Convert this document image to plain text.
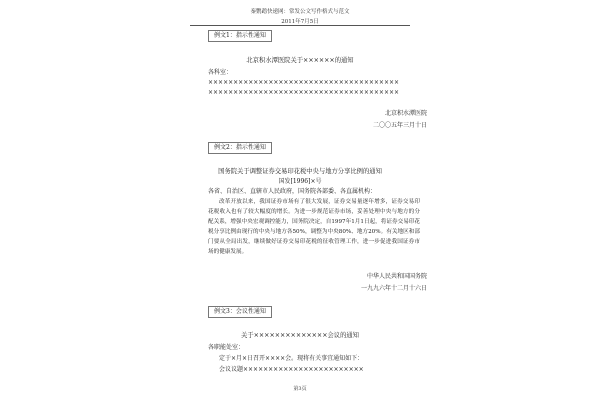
秦鹦鹉快递网：常发公文写作格式与范文
2011年7月5日
例文1：指示性通知
北京积水潭医院关于××××××的通知
各科室：
××××××××××××××××××××××××××××××××××××××
××××××××××××××××××××××××××××××××××××××
北京积水潭医院
二〇〇五年三月十日
例文2：指示性通知
国务院关于调整证券交易印花税中央与地方分享比例的通知
国发[1996]×号
各省、自治区、直辖市人民政府，国务院各部委、各直属机构：
改革开放以来，我国证券市场有了很大发展，证券交易量逐年增多，证券交易印花税收入也有了较大幅度的增长。为进一步规范证券市场，妥善处理中央与地方的分配关系，增强中央宏观调控能力，国务院决定，自1997年1月1日起，将证券交易印花税分享比例由现行的中央与地方各50%，调整为中央80%、地方20%。有关地区和部门要从全局出发，继续做好证券交易印花税的征收管理工作，进一步促进我国证券市场的健康发展。
中华人民共和国国务院
一九九六年十二月十六日
例文3：会议性通知
关于××××××××××××××会议的通知
各职能处室：
定于×月×日召开××××会。现将有关事宜通知如下：
会议议题××××××××××××××××××××××××
第3页
